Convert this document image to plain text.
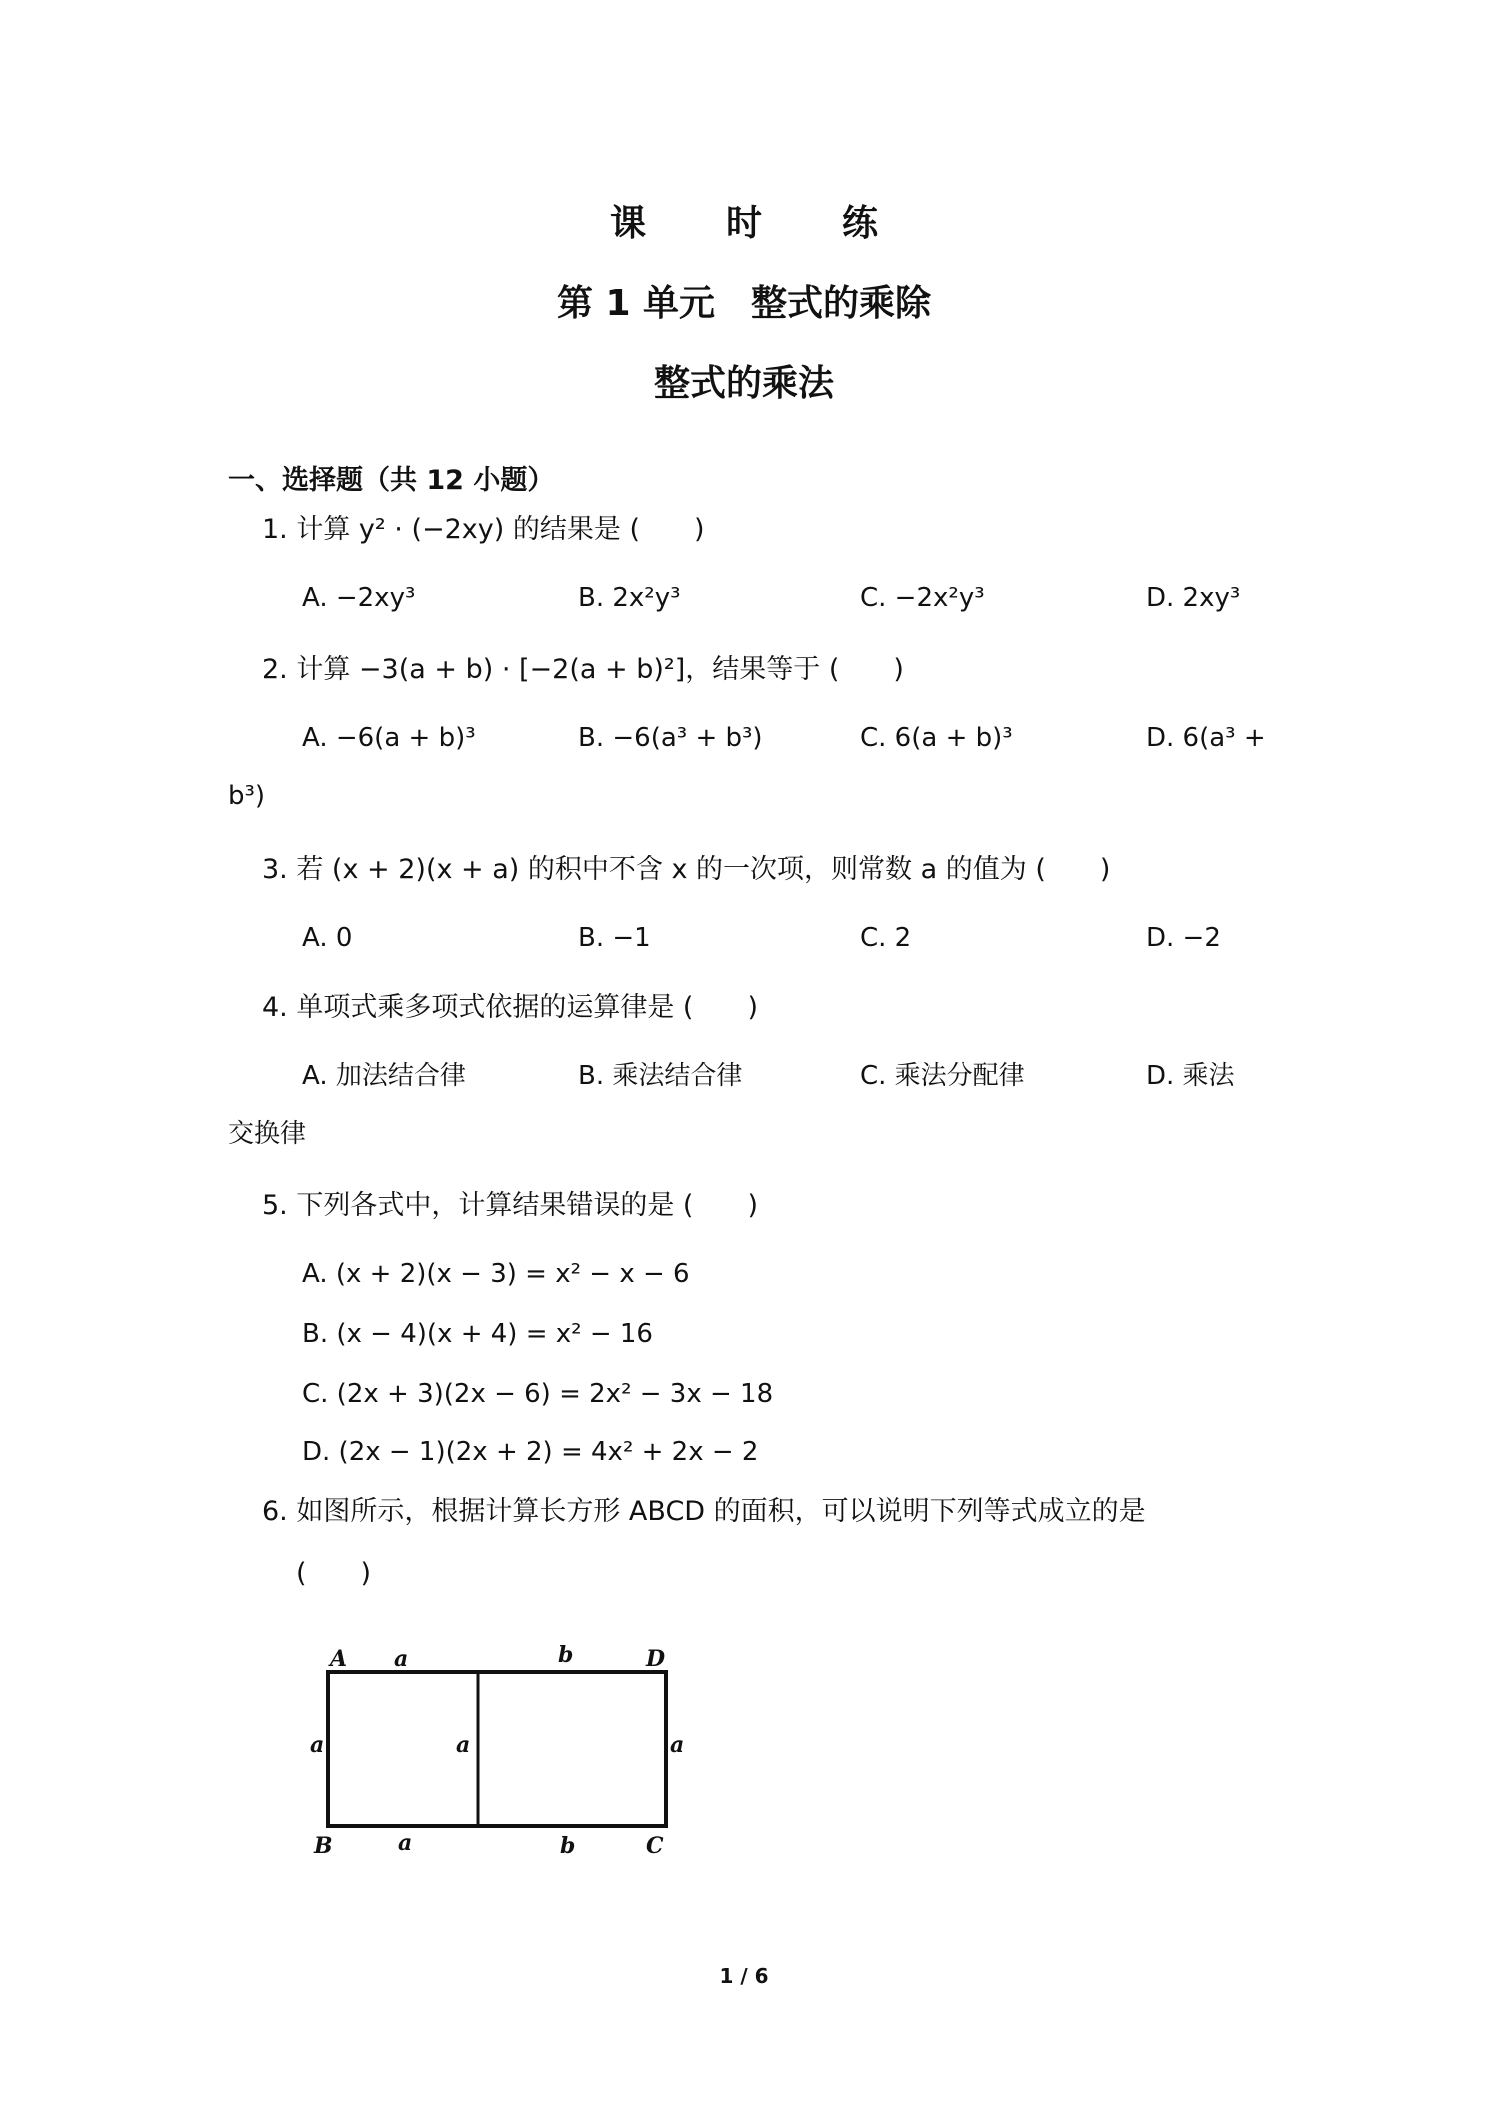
课　时　练
第 1 单元　整式的乘除
整式的乘法
一、选择题（共 12 小题）
1. 计算 y² · (−2xy) 的结果是 (　　)
A. −2xy³	B. 2x²y³	C. −2x²y³	D. 2xy³
2. 计算 −3(a + b) · [−2(a + b)²]，结果等于 (　　)
A. −6(a + b)³	B. −6(a³ + b³)	C. 6(a + b)³	D. 6(a³ +
b³)
3. 若 (x + 2)(x + a) 的积中不含 x 的一次项，则常数 a 的值为 (　　)
A. 0	B. −1	C. 2	D. −2
4. 单项式乘多项式依据的运算律是 (　　)
A. 加法结合律	B. 乘法结合律	C. 乘法分配律	D. 乘法
交换律
5. 下列各式中，计算结果错误的是 (　　)
A. (x + 2)(x − 3) = x² − x − 6
B. (x − 4)(x + 4) = x² − 16
C. (2x + 3)(2x − 6) = 2x² − 3x − 18
D. (2x − 1)(2x + 2) = 4x² + 2x − 2
6. 如图所示，根据计算长方形 ABCD 的面积，可以说明下列等式成立的是
(　　)
A a	b	D
a	a	a
B	a	b	C
1 / 6
